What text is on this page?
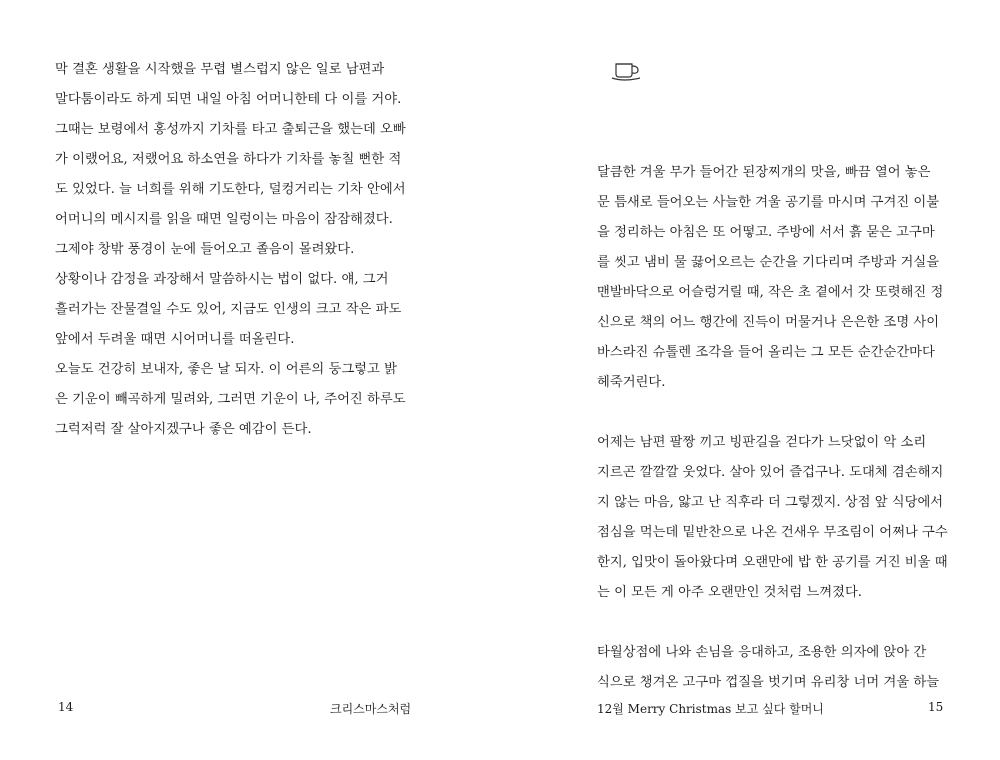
막 결혼 생활을 시작했을 무렵 별스럽지 않은 일로 남편과
말다툼이라도 하게 되면 내일 아침 어머니한테 다 이를 거야.
그때는 보령에서 홍성까지 기차를 타고 출퇴근을 했는데 오빠
가 이랬어요, 저랬어요 하소연을 하다가 기차를 놓칠 뻔한 적
도 있었다. 늘 너희를 위해 기도한다, 덜컹거리는 기차 안에서
어머니의 메시지를 읽을 때면 일렁이는 마음이 잠잠해졌다.
그제야 창밖 풍경이 눈에 들어오고 졸음이 몰려왔다.
상황이나 감정을 과장해서 말씀하시는 법이 없다. 얘, 그거
흘러가는 잔물결일 수도 있어, 지금도 인생의 크고 작은 파도
앞에서 두려울 때면 시어머니를 떠올린다.
오늘도 건강히 보내자, 좋은 날 되자. 이 어른의 둥그렇고 밝
은 기운이 빼곡하게 밀려와, 그러면 기운이 나, 주어진 하루도
그럭저럭 잘 살아지겠구나 좋은 예감이 든다.
14	크리스마스처럼
달큼한 겨울 무가 들어간 된장찌개의 맛을, 빠끔 열어 놓은
문 틈새로 들어오는 사늘한 겨울 공기를 마시며 구겨진 이불
을 정리하는 아침은 또 어떻고. 주방에 서서 흙 묻은 고구마
를 씻고 냄비 물 끓어오르는 순간을 기다리며 주방과 거실을
맨발바닥으로 어슬렁거릴 때, 작은 초 곁에서 갓 또렷해진 정
신으로 책의 어느 행간에 진득이 머물거나 은은한 조명 사이
바스라진 슈톨렌 조각을 들어 올리는 그 모든 순간순간마다
헤죽거린다.
어제는 남편 팔짱 끼고 빙판길을 걷다가 느닷없이 악 소리
지르곤 깔깔깔 웃었다. 살아 있어 즐겁구나. 도대체 겸손해지
지 않는 마음, 앓고 난 직후라 더 그렇겠지. 상점 앞 식당에서
점심을 먹는데 밑반찬으로 나온 건새우 무조림이 어쩌나 구수
한지, 입맛이 돌아왔다며 오랜만에 밥 한 공기를 거진 비울 때
는 이 모든 게 아주 오랜만인 것처럼 느껴졌다.
타월상점에 나와 손님을 응대하고, 조용한 의자에 앉아 간
식으로 챙겨온 고구마 껍질을 벗기며 유리창 너머 겨울 하늘
12월 Merry Christmas 보고 싶다 할머니	15
